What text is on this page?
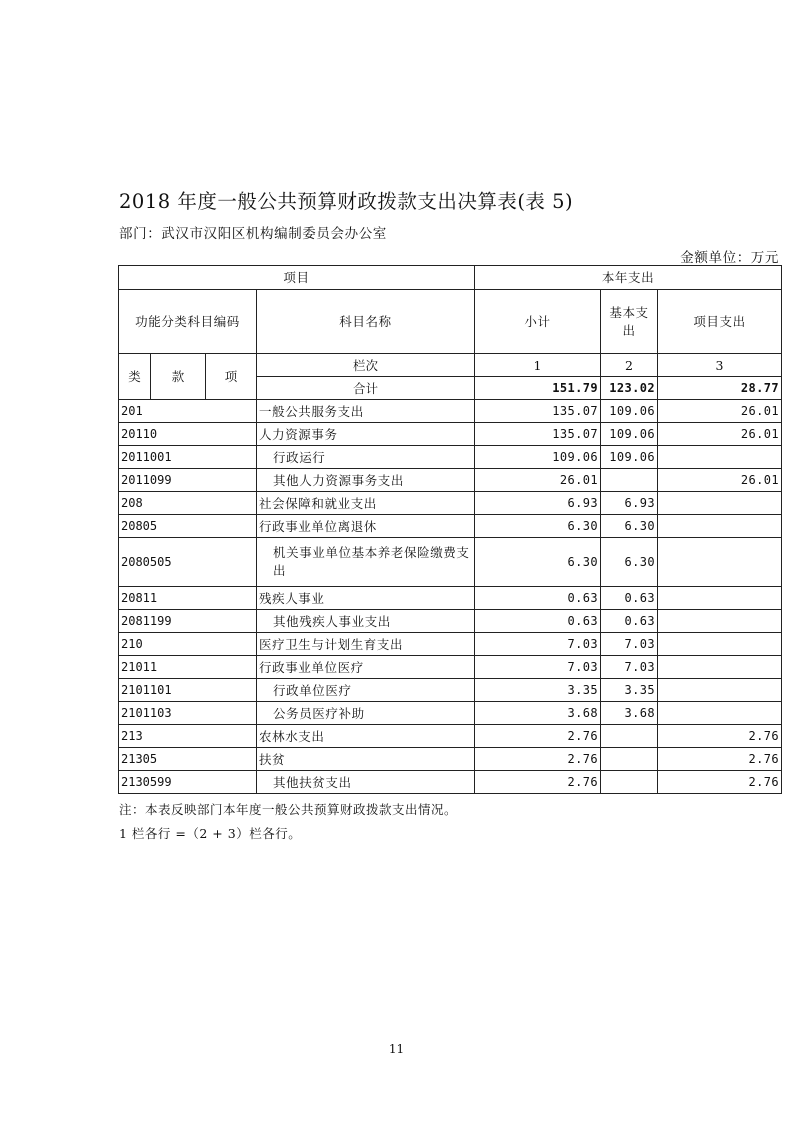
2018 年度一般公共预算财政拨款支出决算表(表 5)
部门：武汉市汉阳区机构编制委员会办公室
金额单位：万元
项目				本年支出		
功能分类科目编码			科目名称	小计	基本支出	项目支出
类	款	项	栏次	1	2	3
			合计	151.79	123.02	28.77
201			一般公共服务支出	135.07	109.06	26.01
20110			人力资源事务	135.07	109.06	26.01
2011001			行政运行	109.06	109.06	
2011099			其他人力资源事务支出	26.01		26.01
208			社会保障和就业支出	6.93	6.93	
20805			行政事业单位离退休	6.30	6.30	
2080505			机关事业单位基本养老保险缴费支出	6.30	6.30	
20811			残疾人事业	0.63	0.63	
2081199			其他残疾人事业支出	0.63	0.63	
210			医疗卫生与计划生育支出	7.03	7.03	
21011			行政事业单位医疗	7.03	7.03	
2101101			行政单位医疗	3.35	3.35	
2101103			公务员医疗补助	3.68	3.68	
213			农林水支出	2.76		2.76
21305			扶贫	2.76		2.76
2130599			其他扶贫支出	2.76		2.76
注：本表反映部门本年度一般公共预算财政拨款支出情况。
1 栏各行 =（2 + 3）栏各行。
11
